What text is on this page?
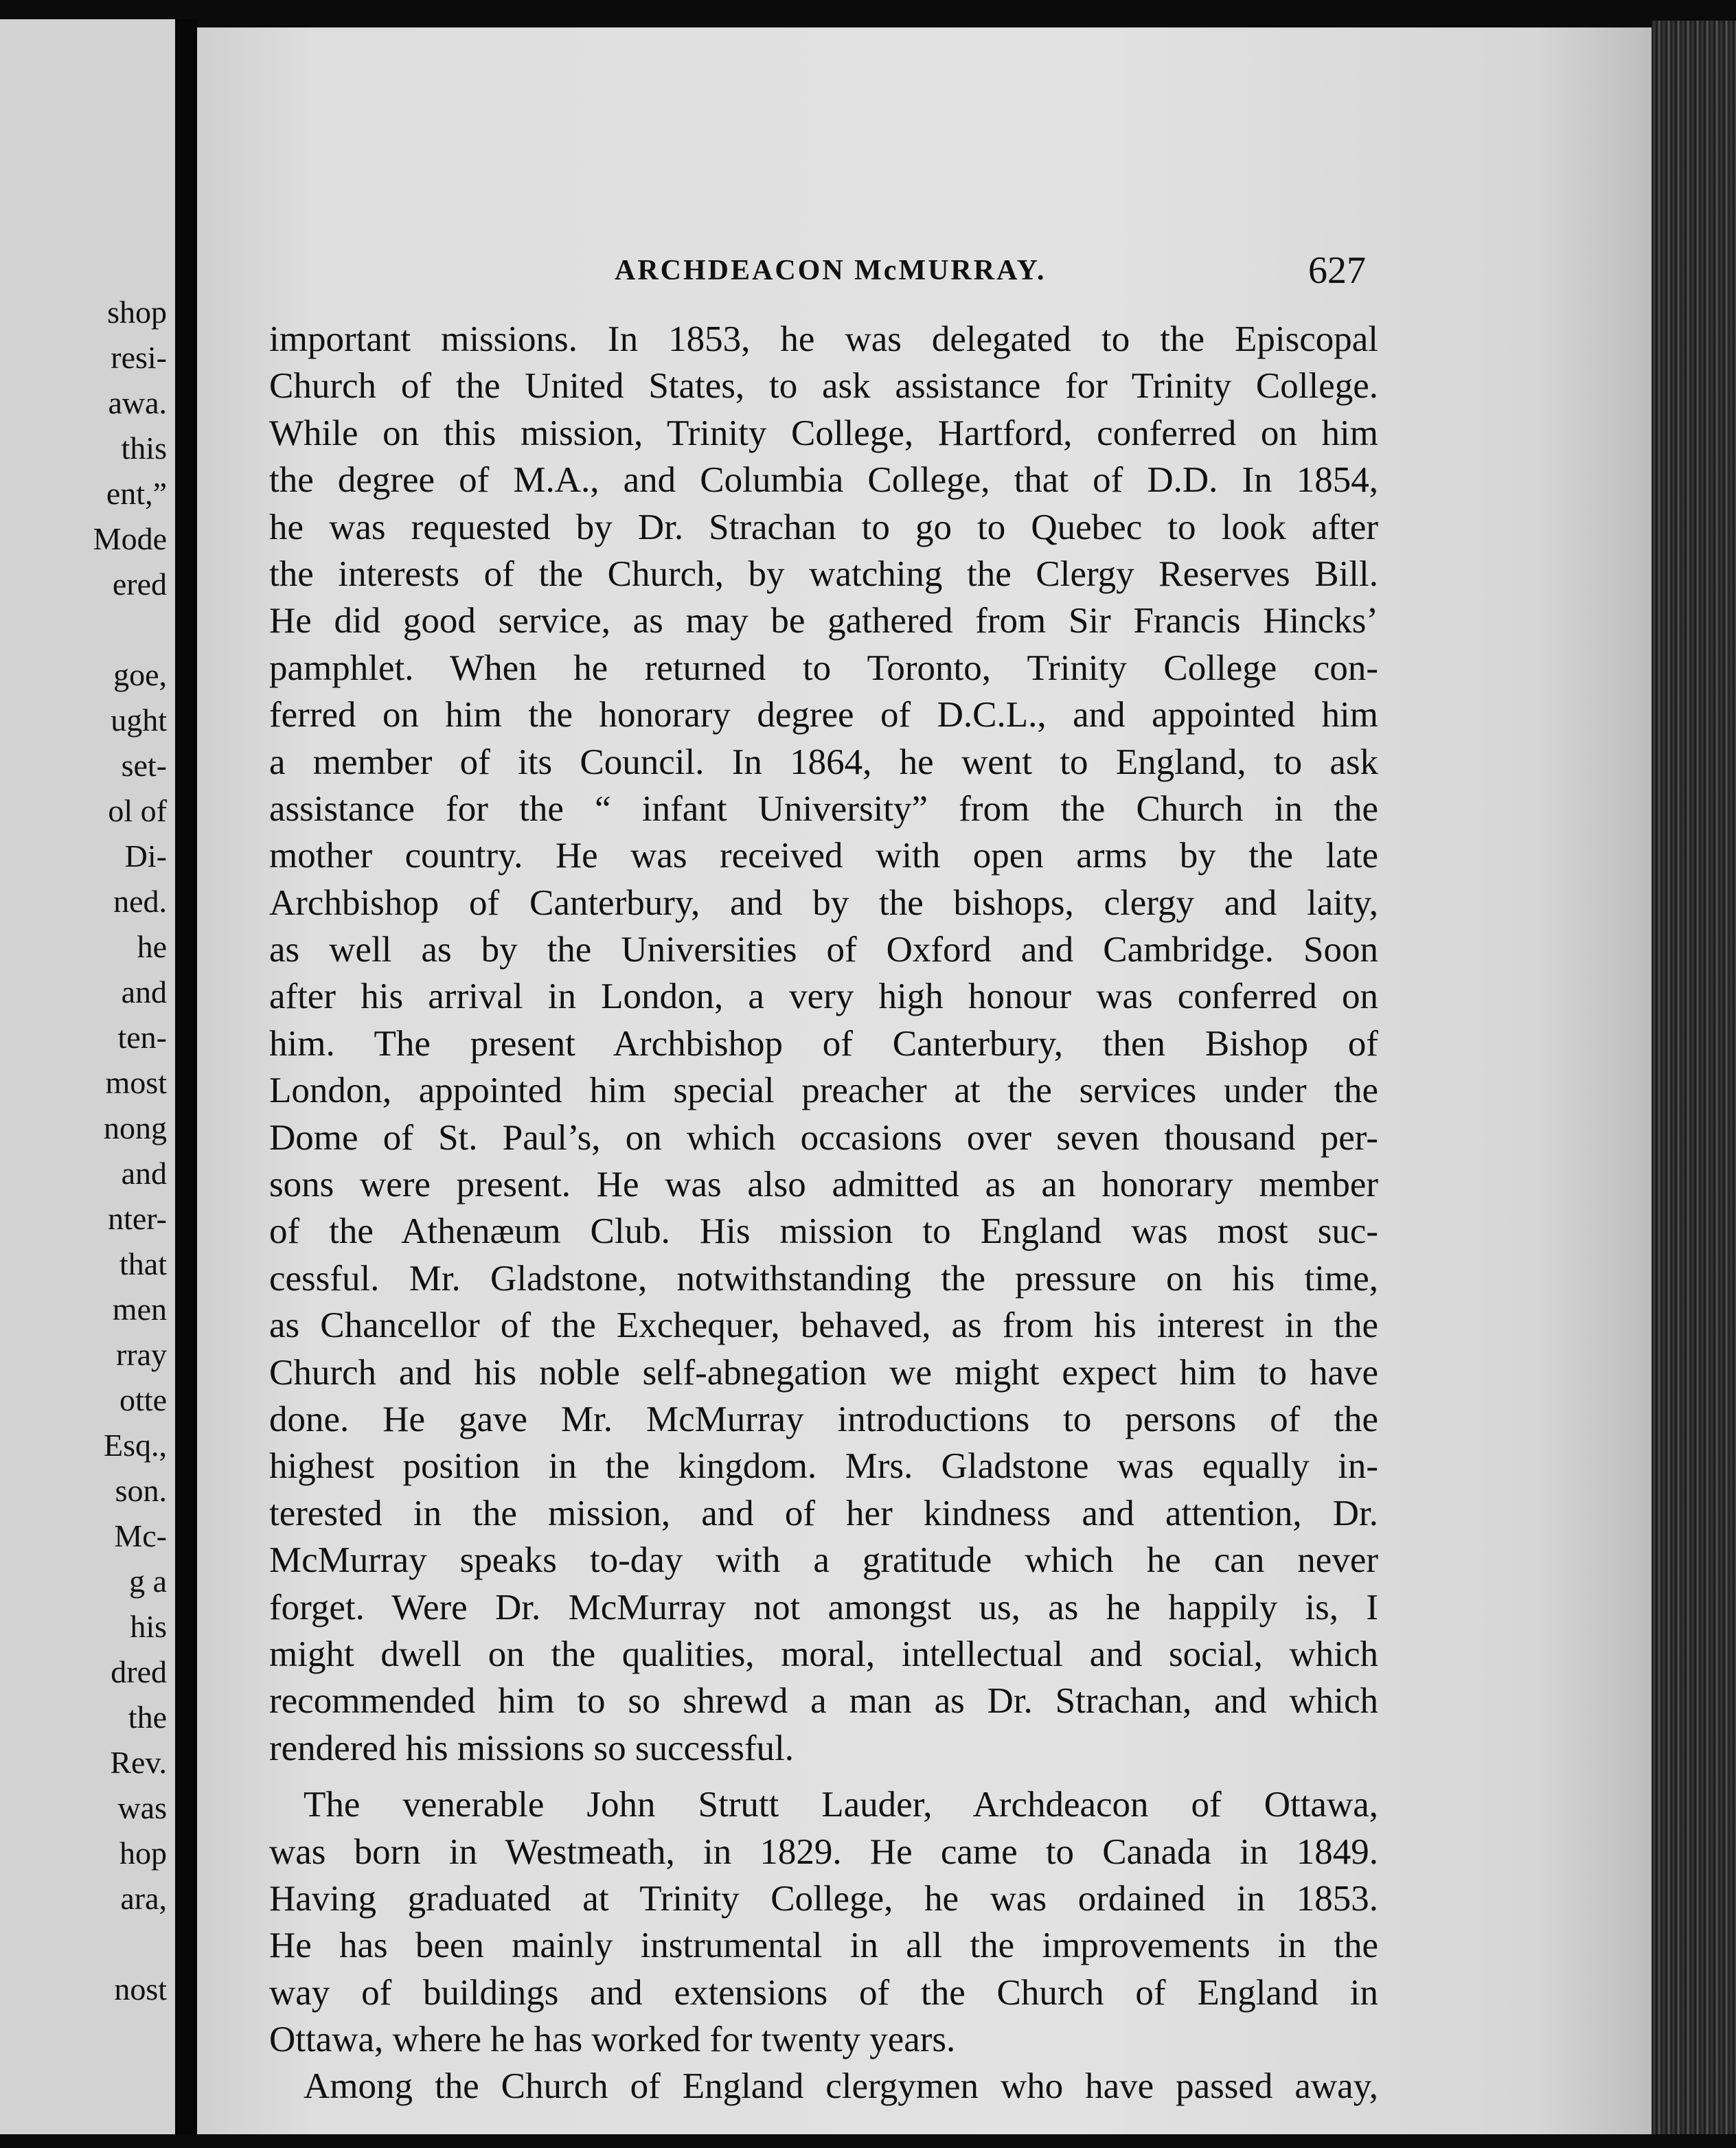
shop
resi-
awa.
this
ent,”
Mode
ered
goe,
ught
set-
ol of
Di-
ned.
he
and
ten-
most
nong
and
nter-
that
men
rray
otte
Esq.,
son.
Mc-
g a
his
dred
the
Rev.
was
hop
ara,
nost
ARCHDEACON McMURRAY.	627
important missions. In 1853, he was delegated to the Episcopal
Church of the United States, to ask assistance for Trinity College.
While on this mission, Trinity College, Hartford, conferred on him
the degree of M.A., and Columbia College, that of D.D. In 1854,
he was requested by Dr. Strachan to go to Quebec to look after
the interests of the Church, by watching the Clergy Reserves Bill.
He did good service, as may be gathered from Sir Francis Hincks’
pamphlet. When he returned to Toronto, Trinity College con-
ferred on him the honorary degree of D.C.L., and appointed him
a member of its Council. In 1864, he went to England, to ask
assistance for the “ infant University” from the Church in the
mother country. He was received with open arms by the late
Archbishop of Canterbury, and by the bishops, clergy and laity,
as well as by the Universities of Oxford and Cambridge. Soon
after his arrival in London, a very high honour was conferred on
him. The present Archbishop of Canterbury, then Bishop of
London, appointed him special preacher at the services under the
Dome of St. Paul’s, on which occasions over seven thousand per-
sons were present. He was also admitted as an honorary member
of the Athenæum Club. His mission to England was most suc-
cessful. Mr. Gladstone, notwithstanding the pressure on his time,
as Chancellor of the Exchequer, behaved, as from his interest in the
Church and his noble self-abnegation we might expect him to have
done. He gave Mr. McMurray introductions to persons of the
highest position in the kingdom. Mrs. Gladstone was equally in-
terested in the mission, and of her kindness and attention, Dr.
McMurray speaks to-day with a gratitude which he can never
forget. Were Dr. McMurray not amongst us, as he happily is, I
might dwell on the qualities, moral, intellectual and social, which
recommended him to so shrewd a man as Dr. Strachan, and which
rendered his missions so successful.
The venerable John Strutt Lauder, Archdeacon of Ottawa,
was born in Westmeath, in 1829. He came to Canada in 1849.
Having graduated at Trinity College, he was ordained in 1853.
He has been mainly instrumental in all the improvements in the
way of buildings and extensions of the Church of England in
Ottawa, where he has worked for twenty years.
Among the Church of England clergymen who have passed away,
